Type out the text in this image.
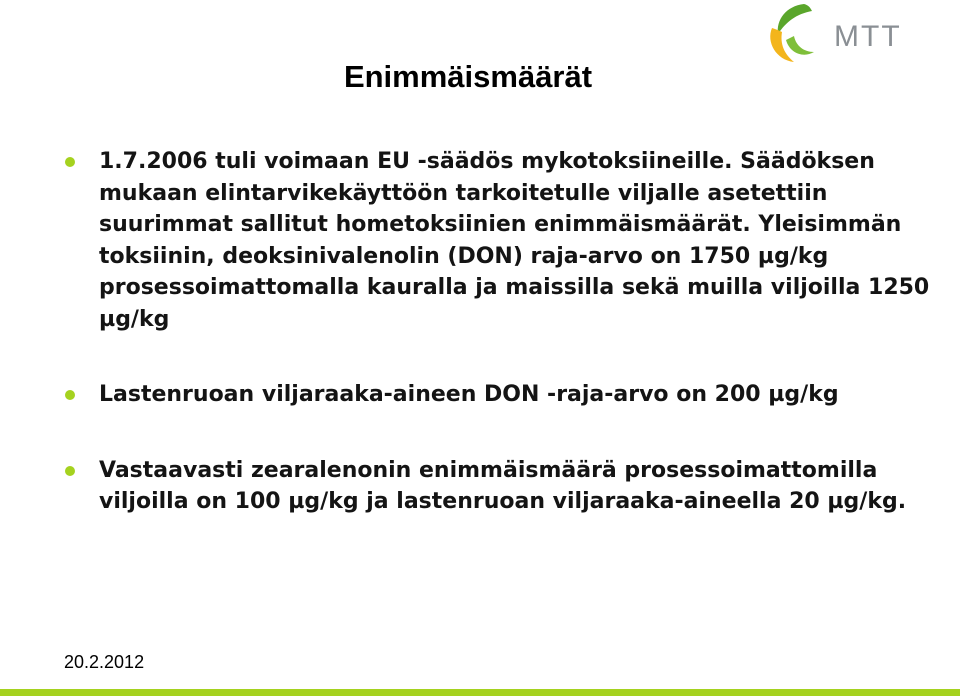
MTT
Enimmäismäärät
1.7.2006 tuli voimaan EU -säädös mykotoksiineille. Säädöksen mukaan elintarvikekäyttöön tarkoitetulle viljalle asetettiin suurimmat sallitut hometoksiinien enimmäismäärät. Yleisimmän toksiinin, deoksinivalenolin (DON) raja-arvo on 1750 µg/kg prosessoimattomalla kauralla ja maissilla sekä muilla viljoilla 1250 µg/kg
Lastenruoan viljaraaka-aineen DON -raja-arvo on 200 µg/kg
Vastaavasti zearalenonin enimmäismäärä prosessoimattomilla viljoilla on 100 µg/kg ja lastenruoan viljaraaka-aineella 20 µg/kg.
20.2.2012
